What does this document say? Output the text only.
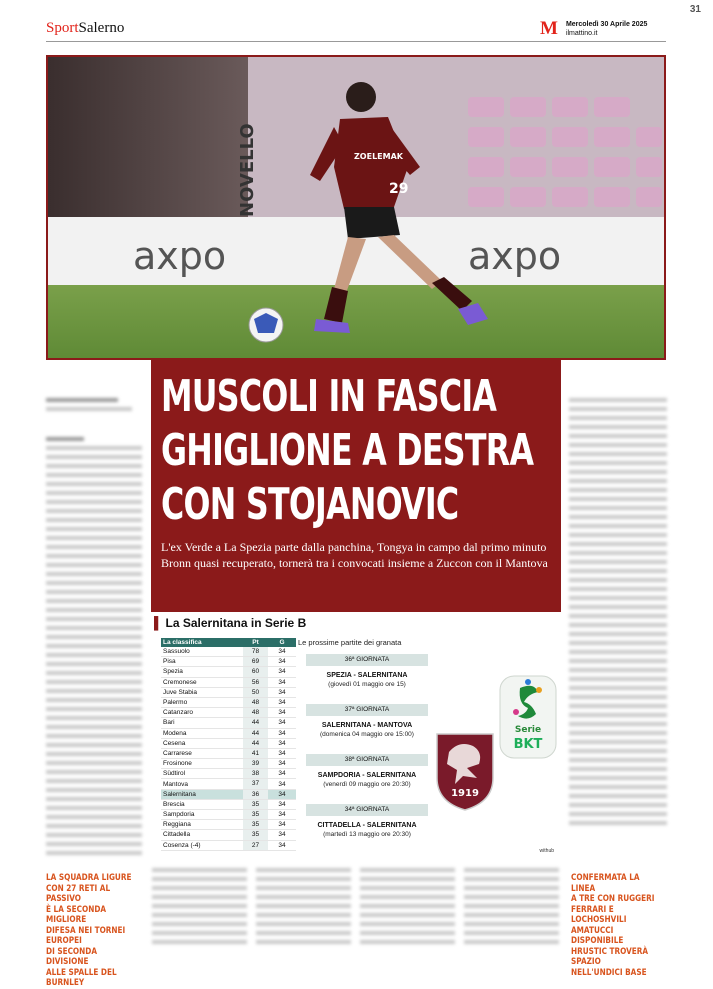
31
SportSalerno	M Mercoledì 30 Aprile 2025
ilmattino.it
NOVELLO
axpo	axpo
29
ZOELEMAK
MUSCOLI IN FASCIA
GHIGLIONE A DESTRA
CON STOJANOVIC
L'ex Verde a La Spezia parte dalla panchina, Tongya in campo dal primo minuto
Bronn quasi recuperato, tornerà tra i convocati insieme a Zuccon con il Mantova
▌ La Salernitana in Serie B
La classifica	Pt	G
Sassuolo	78	34
Pisa	69	34
Spezia	60	34
Cremonese	56	34
Juve Stabia	50	34
Palermo	48	34
Catanzaro	48	34
Bari	44	34
Modena	44	34
Cesena	44	34
Carrarese	41	34
Frosinone	39	34
Südtirol	38	34
Mantova	37	34
Salernitana	36	34
Brescia	35	34
Sampdoria	35	34
Reggiana	35	34
Cittadella	35	34
Cosenza (-4)	27	34
Le prossime partite dei granata
36ª GIORNATA
SPEZIA - SALERNITANA
(giovedì 01 maggio ore 15)
37ª GIORNATA
SALERNITANA - MANTOVA
(domenica 04 maggio ore 15:00)
38ª GIORNATA
SAMPDORIA - SALERNITANA
(venerdì 09 maggio ore 20:30)
34ª GIORNATA
CITTADELLA - SALERNITANA
(martedì 13 maggio ore 20:30)
1919
Serie
BKT
withub
LA SQUADRA LIGURE
CON 27 RETI AL PASSIVO
È LA SECONDA MIGLIORE
DIFESA NEI TORNEI EUROPEI
DI SECONDA DIVISIONE
ALLE SPALLE DEL BURNLEY
CONFERMATA LA LINEA
A TRE CON RUGGERI
FERRARI E LOCHOSHVILI
AMATUCCI DISPONIBILE
HRUSTIC TROVERÀ SPAZIO
NELL'UNDICI BASE
